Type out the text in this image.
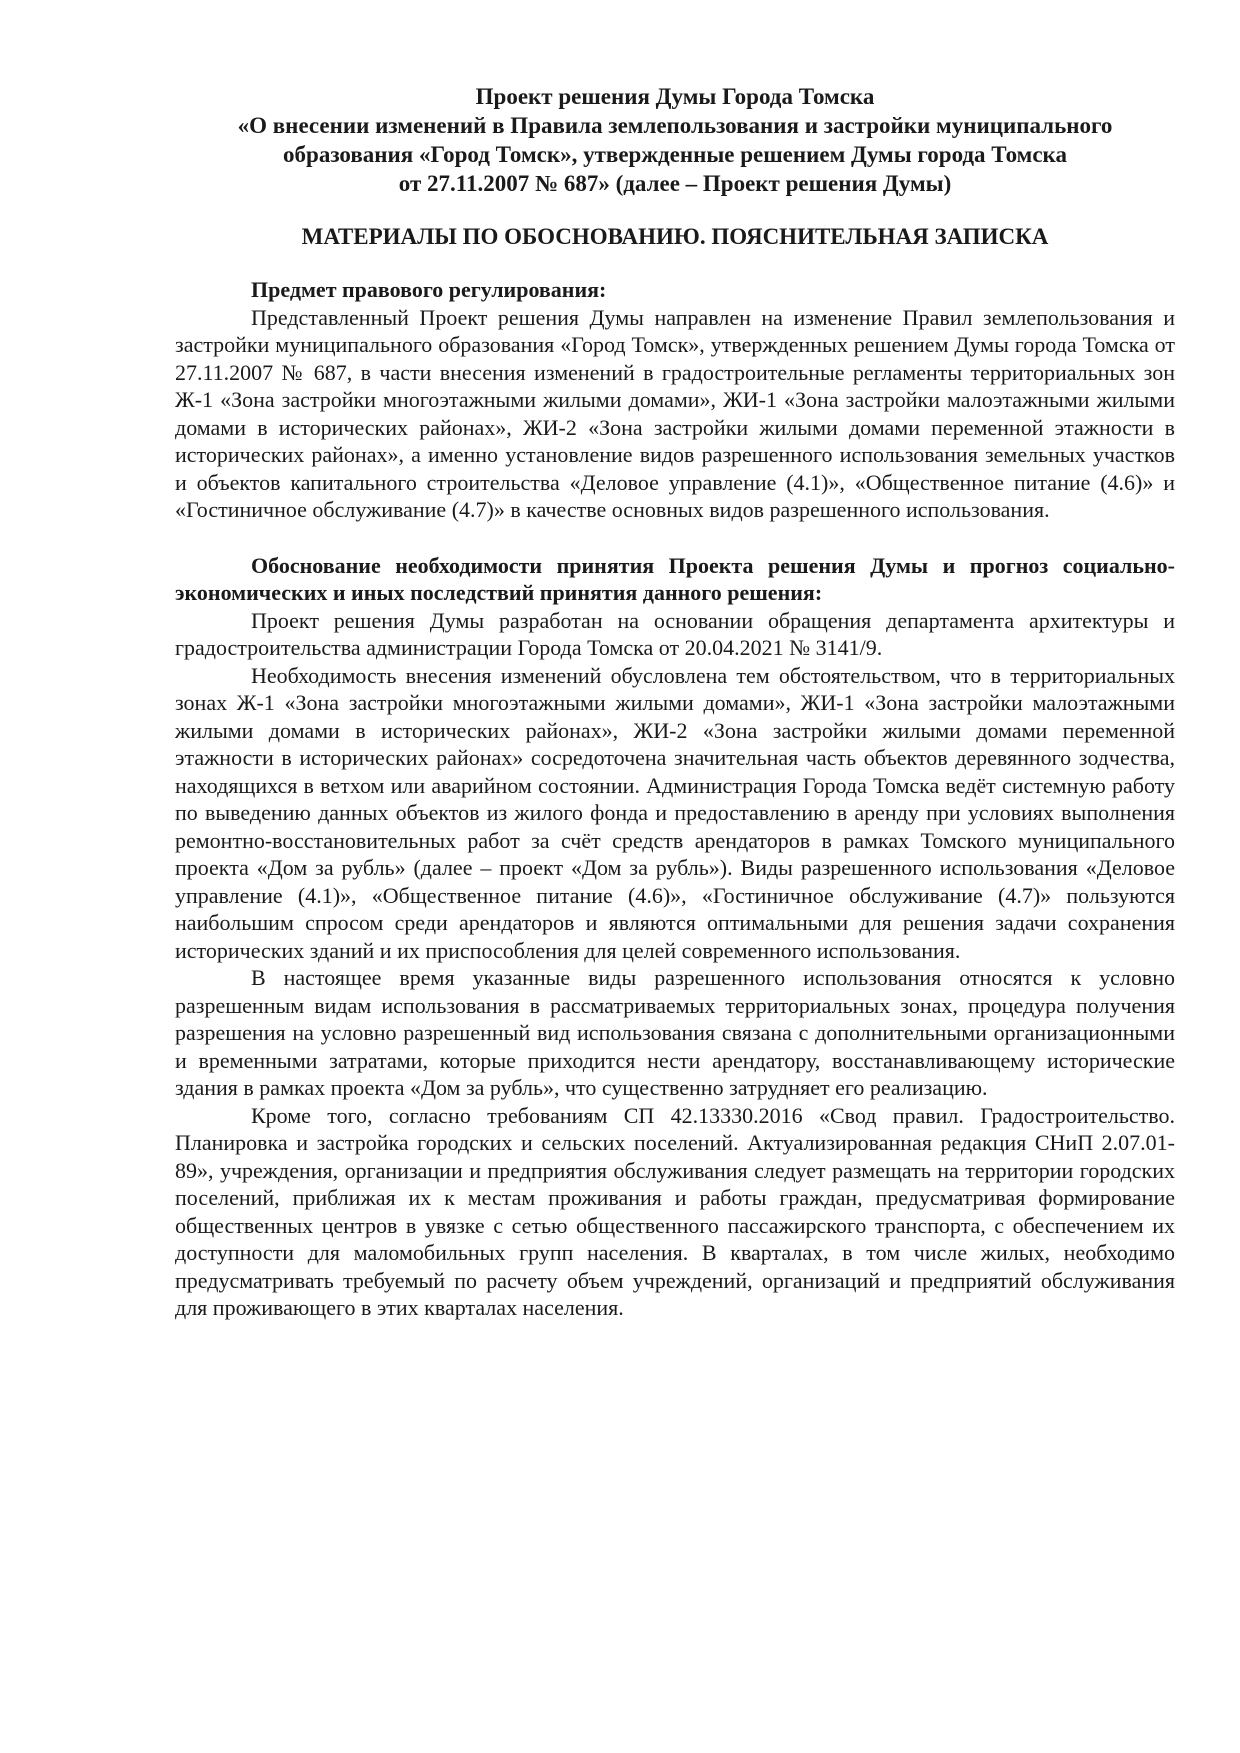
Проект решения Думы Города Томска
«О внесении изменений в Правила землепользования и застройки муниципального
образования «Город Томск», утвержденные решением Думы города Томска
от 27.11.2007 № 687» (далее – Проект решения Думы)
МАТЕРИАЛЫ ПО ОБОСНОВАНИЮ. ПОЯСНИТЕЛЬНАЯ ЗАПИСКА
Предмет правового регулирования:

Представленный Проект решения Думы направлен на изменение Правил землепользования и застройки муниципального образования «Город Томск», утвержденных решением Думы города Томска от 27.11.2007 № 687, в части внесения изменений в градостроительные регламенты территориальных зон Ж-1 «Зона застройки многоэтажными жилыми домами», ЖИ-1 «Зона застройки малоэтажными жилыми домами в исторических районах», ЖИ-2 «Зона застройки жилыми домами переменной этажности в исторических районах», а именно установление видов разрешенного использования земельных участков и объектов капитального строительства «Деловое управление (4.1)», «Общественное питание (4.6)» и «Гостиничное обслуживание (4.7)» в качестве основных видов разрешенного использования.

Обоснование необходимости принятия Проекта решения Думы и прогноз социально-экономических и иных последствий принятия данного решения:

Проект решения Думы разработан на основании обращения департамента архитектуры и градостроительства администрации Города Томска от 20.04.2021 № 3141/9.

Необходимость внесения изменений обусловлена тем обстоятельством, что в территориальных зонах Ж-1 «Зона застройки многоэтажными жилыми домами», ЖИ-1 «Зона застройки малоэтажными жилыми домами в исторических районах», ЖИ-2 «Зона застройки жилыми домами переменной этажности в исторических районах» сосредоточена значительная часть объектов деревянного зодчества, находящихся в ветхом или аварийном состоянии. Администрация Города Томска ведёт системную работу по выведению данных объектов из жилого фонда и предоставлению в аренду при условиях выполнения ремонтно-восстановительных работ за счёт средств арендаторов в рамках Томского муниципального проекта «Дом за рубль» (далее – проект «Дом за рубль»). Виды разрешенного использования «Деловое управление (4.1)», «Общественное питание (4.6)», «Гостиничное обслуживание (4.7)» пользуются наибольшим спросом среди арендаторов и являются оптимальными для решения задачи сохранения исторических зданий и их приспособления для целей современного использования.

В настоящее время указанные виды разрешенного использования относятся к условно разрешенным видам использования в рассматриваемых территориальных зонах, процедура получения разрешения на условно разрешенный вид использования связана с дополнительными организационными и временными затратами, которые приходится нести арендатору, восстанавливающему исторические здания в рамках проекта «Дом за рубль», что существенно затрудняет его реализацию.

Кроме того, согласно требованиям СП 42.13330.2016 «Свод правил. Градостроительство. Планировка и застройка городских и сельских поселений. Актуализированная редакция СНиП 2.07.01-89», учреждения, организации и предприятия обслуживания следует размещать на территории городских поселений, приближая их к местам проживания и работы граждан, предусматривая формирование общественных центров в увязке с сетью общественного пассажирского транспорта, с обеспечением их доступности для маломобильных групп населения. В кварталах, в том числе жилых, необходимо предусматривать требуемый по расчету объем учреждений, организаций и предприятий обслуживания для проживающего в этих кварталах населения.
